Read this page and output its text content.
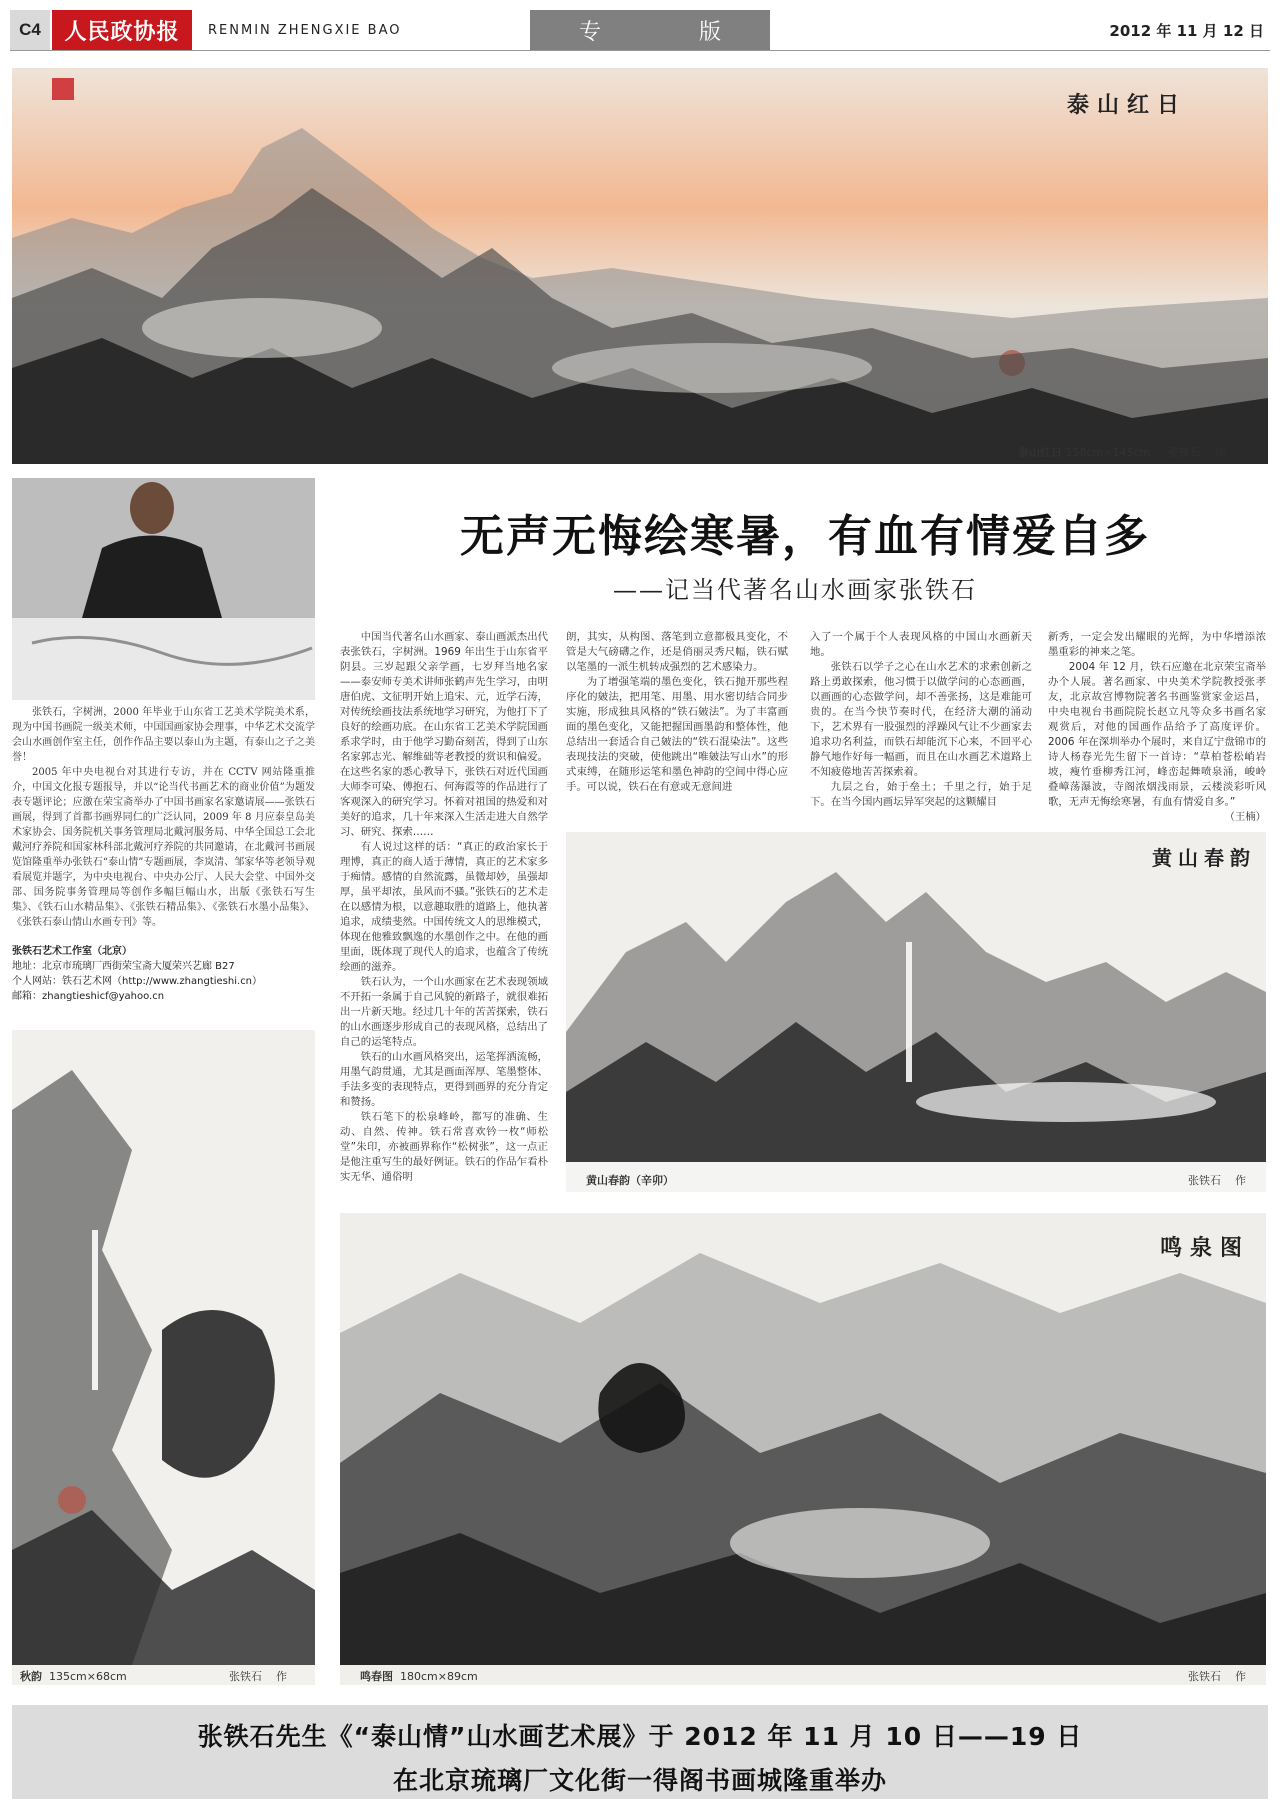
C4	人民政协报	RENMIN ZHENGXIE BAO	专	版	2012 年 11 月 12 日
泰山红日
泰山红日 158cm×145cm 张铁石 作

张铁石，字树洲，2000 年毕业于山东省工艺美术学院美术系，现为中国书画院一级美术师，中国国画家协会理事，中华艺术交流学会山水画创作室主任，创作作品主要以泰山为主题，有泰山之子之美誉！

2005 年中央电视台对其进行专访，并在 CCTV 网站隆重推介，中国文化报专题报导，并以“论当代书画艺术的商业价值”为题发表专题评论；应激在荣宝斋举办了中国书画家名家邀请展——张铁石画展，得到了首都书画界同仁的广泛认同，2009 年 8 月应泰皇岛美术家协会、国务院机关事务管理局北戴河服务局、中华全国总工会北戴河疗养院和国家林科部北戴河疗养院的共同邀请，在北戴河书画展览馆隆重举办张铁石“泰山情”专题画展，李岚清、邹家华等老领导观看展览并题字，为中央电视台、中央办公厅、人民大会堂、中国外交部、国务院事务管理局等创作多幅巨幅山水，出版《张铁石写生集》、《铁石山水精品集》、《张铁石精品集》、《张铁石水墨小品集》、《张铁石泰山情山水画专刊》等。

张铁石艺术工作室（北京）
地址：北京市琉璃厂西街荣宝斋大厦荣兴艺廊 B27
个人网站：铁石艺术网（http://www.zhangtieshi.cn）
邮箱：zhangtieshicf@yahoo.cn
无声无悔绘寒暑，有血有情爱自多
——记当代著名山水画家张铁石

中国当代著名山水画家、泰山画派杰出代表张铁石，字树洲。1969 年出生于山东省平阴县。三岁起跟父亲学画，七岁拜当地名家——泰安师专美术讲师张鹤声先生学习，由明唐伯虎、文征明开始上追宋、元，近学石涛，对传统绘画技法系统地学习研究，为他打下了良好的绘画功底。在山东省工艺美术学院国画系求学时，由于他学习勤奋刻苦，得到了山东名家郭志光、解维础等老教授的赏识和偏爱。在这些名家的悉心教导下，张铁石对近代国画大师李可染、傅抱石、何海霞等的作品进行了客观深入的研究学习。怀着对祖国的热爱和对美好的追求，几十年来深入生活走进大自然学习、研究、探索……

有人说过这样的话：“真正的政治家长于理博，真正的商人适于薄情，真正的艺术家多于痴情。感情的自然流露，虽微却妙，虽强却厚，虽平却浓，虽风而不骚。”张铁石的艺术走在以感情为根，以意趣取胜的道路上，他执著追求，成绩斐然。中国传统文人的思维模式，体现在他雅致飘逸的水墨创作之中。在他的画里面，既体现了现代人的追求，也蕴含了传统绘画的滋养。

铁石认为，一个山水画家在艺术表现领域不开拓一条属于自己风貌的新路子，就很难拓出一片新天地。经过几十年的苦苦探索，铁石的山水画逐步形成自己的表现风格，总结出了自己的运笔特点。

铁石的山水画风格突出，运笔挥洒流畅，用墨气韵贯通，尤其是画面浑厚、笔墨整体、手法多变的表现特点，更得到画界的充分肯定和赞扬。

铁石笔下的松泉峰岭，都写的准确、生动、自然、传神。铁石常喜欢钤一枚“师松堂”朱印，亦被画界称作“松树张”，这一点正是他注重写生的最好例证。铁石的作品乍看朴实无华、通俗明

朗，其实，从构图、落笔到立意都极具变化，不管是大气磅礴之作，还是俏丽灵秀尺幅，铁石赋以笔墨的一派生机转成强烈的艺术感染力。

为了增强笔端的墨色变化，铁石抛开那些程序化的皴法，把用笔、用墨、用水密切结合同步实施，形成独具风格的“铁石皴法”。为了丰富画面的墨色变化，又能把握国画墨韵和整体性，他总结出一套适合自己皴法的“铁石混染法”。这些表现技法的突破，使他跳出“唯皴法写山水”的形式束缚，在随形运笔和墨色神韵的空间中得心应手。可以说，铁石在有意或无意间进

入了一个属于个人表现风格的中国山水画新天地。

张铁石以学子之心在山水艺术的求索创新之路上勇敢探索，他习惯于以做学问的心态画画，以画画的心态做学问，却不善张扬，这是难能可贵的。在当今快节奏时代，在经济大潮的涌动下，艺术界有一股强烈的浮躁风气让不少画家去追求功名利益，而铁石却能沉下心来，不回平心静气地作好每一幅画，而且在山水画艺术道路上不知疲倦地苦苦探索着。

九层之台，始于垒土；千里之行，始于足下。在当今国内画坛异军突起的这颗耀目

新秀，一定会发出耀眼的光辉，为中华增添浓墨重彩的神来之笔。

2004 年 12 月，铁石应邀在北京荣宝斋举办个人展。著名画家、中央美术学院教授张孝友，北京故宫博物院著名书画鉴赏家金运昌，中央电视台书画院院长赵立凡等众多书画名家观赏后，对他的国画作品给予了高度评价。2006 年在深圳举办个展时，来自辽宁盘锦市的诗人杨春光先生留下一首诗：“草柏苍松峭岩坡，瘦竹垂柳秀江河，峰峦起舞喷泉涌，峻岭叠嶂荡瀑波，寺阁浓烟浅雨景，云楼淡彩听风歌，无声无悔绘寒暑，有血有情爱自多。”

（王楠）
黄山春韵
黄山春韵（辛卯）	张铁石 作
秋韵 135cm×68cm	张铁石 作
鸣泉图
鸣春图 180cm×89cm	张铁石 作
张铁石先生《“泰山情”山水画艺术展》于 2012 年 11 月 10 日——19 日
在北京琉璃厂文化街一得阁书画城隆重举办
